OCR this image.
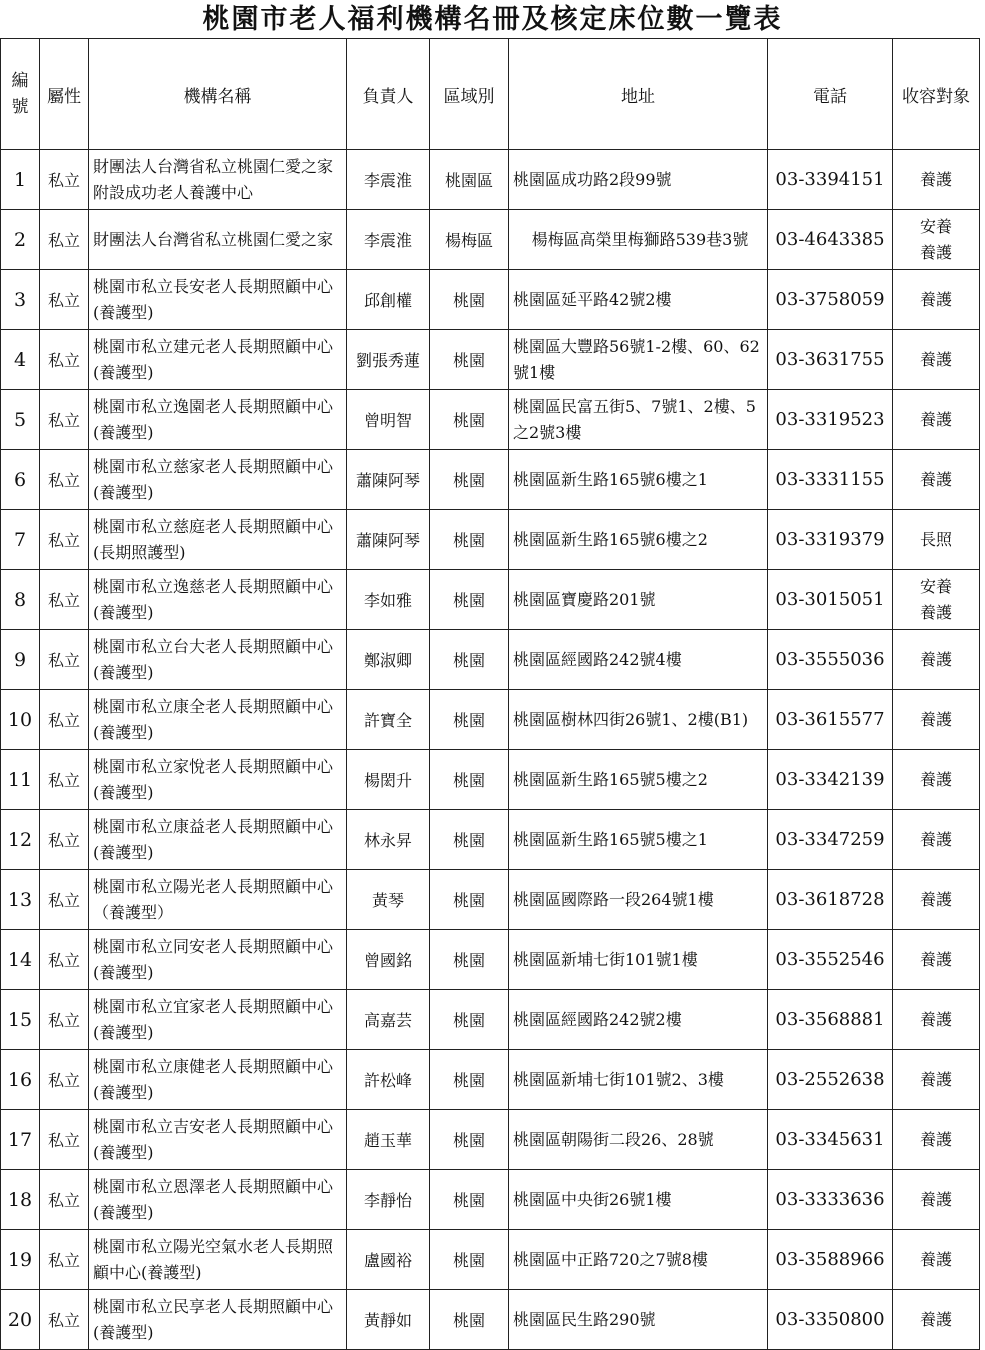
桃園市老人福利機構名冊及核定床位數一覽表
編
號	屬性	機構名稱	負責人	區域別	地址	電話	收容對象

1	私立	財團法人台灣省私立桃園仁愛之家附設成功老人養護中心	李震淮	桃園區	桃園區成功路2段99號	03-3394151	養護

2	私立	財團法人台灣省私立桃園仁愛之家	李震淮	楊梅區	楊梅區高榮里梅獅路539巷3號	03-4643385	安養
養護

3	私立	桃園市私立長安老人長期照顧中心(養護型)	邱創權	桃園	桃園區延平路42號2樓	03-3758059	養護

4	私立	桃園市私立建元老人長期照顧中心(養護型)	劉張秀蓮	桃園	桃園區大豐路56號1-2樓、60、62號1樓	03-3631755	養護

5	私立	桃園市私立逸園老人長期照顧中心(養護型)	曾明智	桃園	桃園區民富五街5、7號1、2樓、5之2號3樓	03-3319523	養護

6	私立	桃園市私立慈家老人長期照顧中心(養護型)	蕭陳阿琴	桃園	桃園區新生路165號6樓之1	03-3331155	養護

7	私立	桃園市私立慈庭老人長期照顧中心(長期照護型)	蕭陳阿琴	桃園	桃園區新生路165號6樓之2	03-3319379	長照

8	私立	桃園市私立逸慈老人長期照顧中心(養護型)	李如雅	桃園	桃園區寶慶路201號	03-3015051	安養
養護

9	私立	桃園市私立台大老人長期照顧中心(養護型)	鄭淑卿	桃園	桃園區經國路242號4樓	03-3555036	養護

10	私立	桃園市私立康全老人長期照顧中心(養護型)	許寶全	桃園	桃園區樹林四街26號1、2樓(B1)	03-3615577	養護

11	私立	桃園市私立家悅老人長期照顧中心(養護型)	楊閎升	桃園	桃園區新生路165號5樓之2	03-3342139	養護

12	私立	桃園市私立康益老人長期照顧中心(養護型)	林永昇	桃園	桃園區新生路165號5樓之1	03-3347259	養護

13	私立	桃園市私立陽光老人長期照顧中心（養護型）	黃琴	桃園	桃園區國際路一段264號1樓	03-3618728	養護

14	私立	桃園市私立同安老人長期照顧中心(養護型)	曾國銘	桃園	桃園區新埔七街101號1樓	03-3552546	養護

15	私立	桃園市私立宜家老人長期照顧中心(養護型)	高嘉芸	桃園	桃園區經國路242號2樓	03-3568881	養護

16	私立	桃園市私立康健老人長期照顧中心(養護型)	許松峰	桃園	桃園區新埔七街101號2、3樓	03-2552638	養護

17	私立	桃園市私立吉安老人長期照顧中心(養護型)	趙玉華	桃園	桃園區朝陽街二段26、28號	03-3345631	養護

18	私立	桃園市私立恩澤老人長期照顧中心(養護型)	李靜怡	桃園	桃園區中央街26號1樓	03-3333636	養護

19	私立	桃園市私立陽光空氣水老人長期照顧中心(養護型)	盧國裕	桃園	桃園區中正路720之7號8樓	03-3588966	養護

20	私立	桃園市私立民享老人長期照顧中心(養護型)	黃靜如	桃園	桃園區民生路290號	03-3350800	養護
